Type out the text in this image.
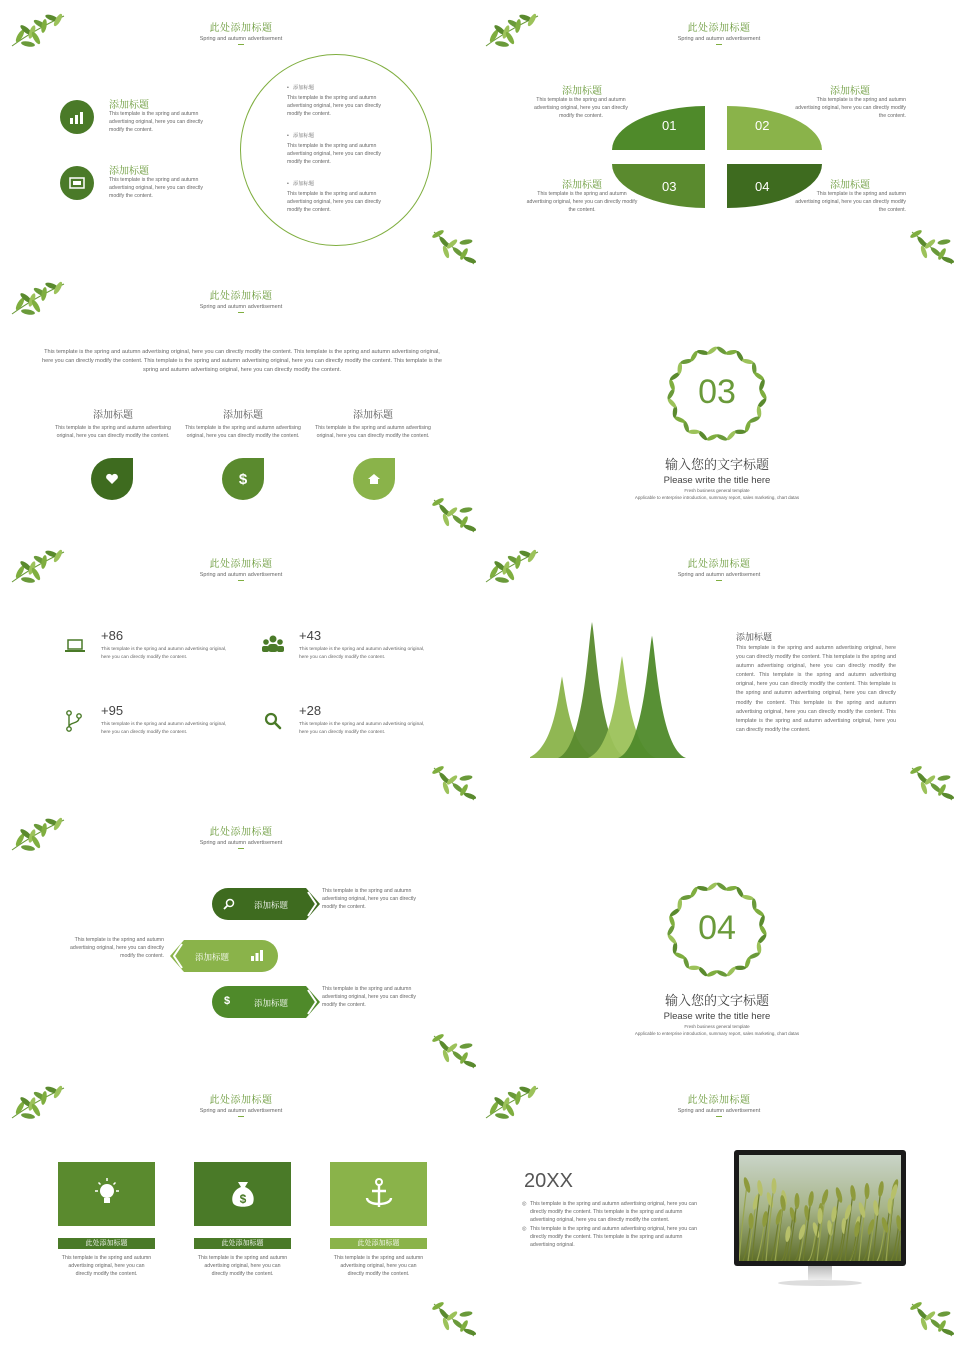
此处添加标题
Spring and autumn advertisement
添加标题
This template is the spring and autumn advertising original, here you can directly modify the content.
添加标题
This template is the spring and autumn advertising original, here you can directly modify the content.
•   添加标题
This template is the spring and autumn advertising original, here you can directly modify the content.
•   添加标题
This template is the spring and autumn advertising original, here you can directly modify the content.
•   添加标题
This template is the spring and autumn advertising original, here you can directly modify the content.
此处添加标题
Spring and autumn advertisement
01	02
03	04
添加标题
This template is the spring and autumn advertising original, here you can directly modify the content.
添加标题
This template is the spring and autumn advertising original, here you can directly modify the content.
添加标题
This template is the spring and autumn advertising original, here you can directly modify the content.
添加标题
This template is the spring and autumn advertising original, here you can directly modify the content.
此处添加标题
Spring and autumn advertisement
This template is the spring and autumn advertising original, here you can directly modify the content. This template is the spring and autumn advertising original, here you can directly modify the content. This template is the spring and autumn advertising original, here you can directly modify the content. This template is the spring and autumn advertising original, here you can directly modify the content.
添加标题
This template is the spring and autumn advertising original, here you can directly modify the content.
添加标题
This template is the spring and autumn advertising original, here you can directly modify the content.
添加标题
This template is the spring and autumn advertising original, here you can directly modify the content.
$
03
输入您的文字标题
Please write the title here
Fresh business general template
Applicable to enterprise introduction, summary report, sales marketing, chart datas
此处添加标题
Spring and autumn advertisement
+86
This template is the spring and autumn advertising original, here you can directly modify the content.
+43
This template is the spring and autumn advertising original, here you can directly modify the content.
+95
This template is the spring and autumn advertising original, here you can directly modify the content.
+28
This template is the spring and autumn advertising original, here you can directly modify the content.
此处添加标题
Spring and autumn advertisement
添加标题
This template is the spring and autumn advertising original, here you can directly modify the content. This template is the spring and autumn advertising original, here you can directly modify the content. This template is the spring and autumn advertising original, here you can directly modify the content. This template is the spring and autumn advertising original, here you can directly modify the content. This template is the spring and autumn advertising original, here you can directly modify the content. This template is the spring and autumn advertising original, here you can directly modify the content.
此处添加标题
Spring and autumn advertisement
添加标题
This template is the spring and autumn advertising original, here you can directly modify the content.
添加标题
This template is the spring and autumn advertising original, here you can directly modify the content.
$	添加标题
This template is the spring and autumn advertising original, here you can directly modify the content.
04
输入您的文字标题
Please write the title here
Fresh business general template
Applicable to enterprise introduction, summary report, sales marketing, chart datas
此处添加标题
Spring and autumn advertisement
此处添加标题
This template is the spring and autumn advertising original, here you can directly modify the content.
$
此处添加标题
This template is the spring and autumn advertising original, here you can directly modify the content.
此处添加标题
This template is the spring and autumn advertising original, here you can directly modify the content.
此处添加标题
Spring and autumn advertisement
20XX
◎ This template is the spring and autumn advertising original, here you can directly modify the content. This template is the spring and autumn advertising original, here you can directly modify the content.
◎ This template is the spring and autumn advertising original, here you can directly modify the content. This template is the spring and autumn advertising original.
